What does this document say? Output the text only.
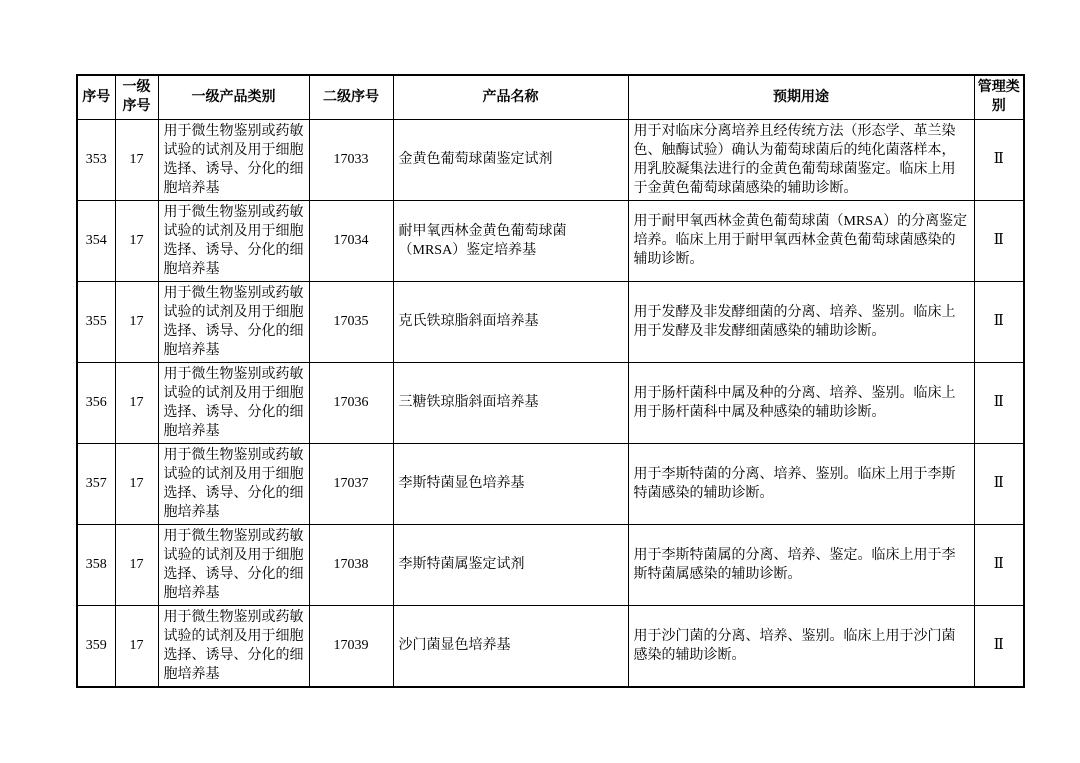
序号	一级序号	一级产品类别	二级序号	产品名称	预期用途	管理类别
353	17	用于微生物鉴别或药敏试验的试剂及用于细胞选择、诱导、分化的细胞培养基	17033	金黄色葡萄球菌鉴定试剂	用于对临床分离培养且经传统方法（形态学、革兰染色、触酶试验）确认为葡萄球菌后的纯化菌落样本，用乳胶凝集法进行的金黄色葡萄球菌鉴定。临床上用于金黄色葡萄球菌感染的辅助诊断。	Ⅱ
354	17	用于微生物鉴别或药敏试验的试剂及用于细胞选择、诱导、分化的细胞培养基	17034	耐甲氧西林金黄色葡萄球菌（MRSA）鉴定培养基	用于耐甲氧西林金黄色葡萄球菌（MRSA）的分离鉴定培养。临床上用于耐甲氧西林金黄色葡萄球菌感染的辅助诊断。	Ⅱ
355	17	用于微生物鉴别或药敏试验的试剂及用于细胞选择、诱导、分化的细胞培养基	17035	克氏铁琼脂斜面培养基	用于发酵及非发酵细菌的分离、培养、鉴别。临床上用于发酵及非发酵细菌感染的辅助诊断。	Ⅱ
356	17	用于微生物鉴别或药敏试验的试剂及用于细胞选择、诱导、分化的细胞培养基	17036	三糖铁琼脂斜面培养基	用于肠杆菌科中属及种的分离、培养、鉴别。临床上用于肠杆菌科中属及种感染的辅助诊断。	Ⅱ
357	17	用于微生物鉴别或药敏试验的试剂及用于细胞选择、诱导、分化的细胞培养基	17037	李斯特菌显色培养基	用于李斯特菌的分离、培养、鉴别。临床上用于李斯特菌感染的辅助诊断。	Ⅱ
358	17	用于微生物鉴别或药敏试验的试剂及用于细胞选择、诱导、分化的细胞培养基	17038	李斯特菌属鉴定试剂	用于李斯特菌属的分离、培养、鉴定。临床上用于李斯特菌属感染的辅助诊断。	Ⅱ
359	17	用于微生物鉴别或药敏试验的试剂及用于细胞选择、诱导、分化的细胞培养基	17039	沙门菌显色培养基	用于沙门菌的分离、培养、鉴别。临床上用于沙门菌感染的辅助诊断。	Ⅱ
